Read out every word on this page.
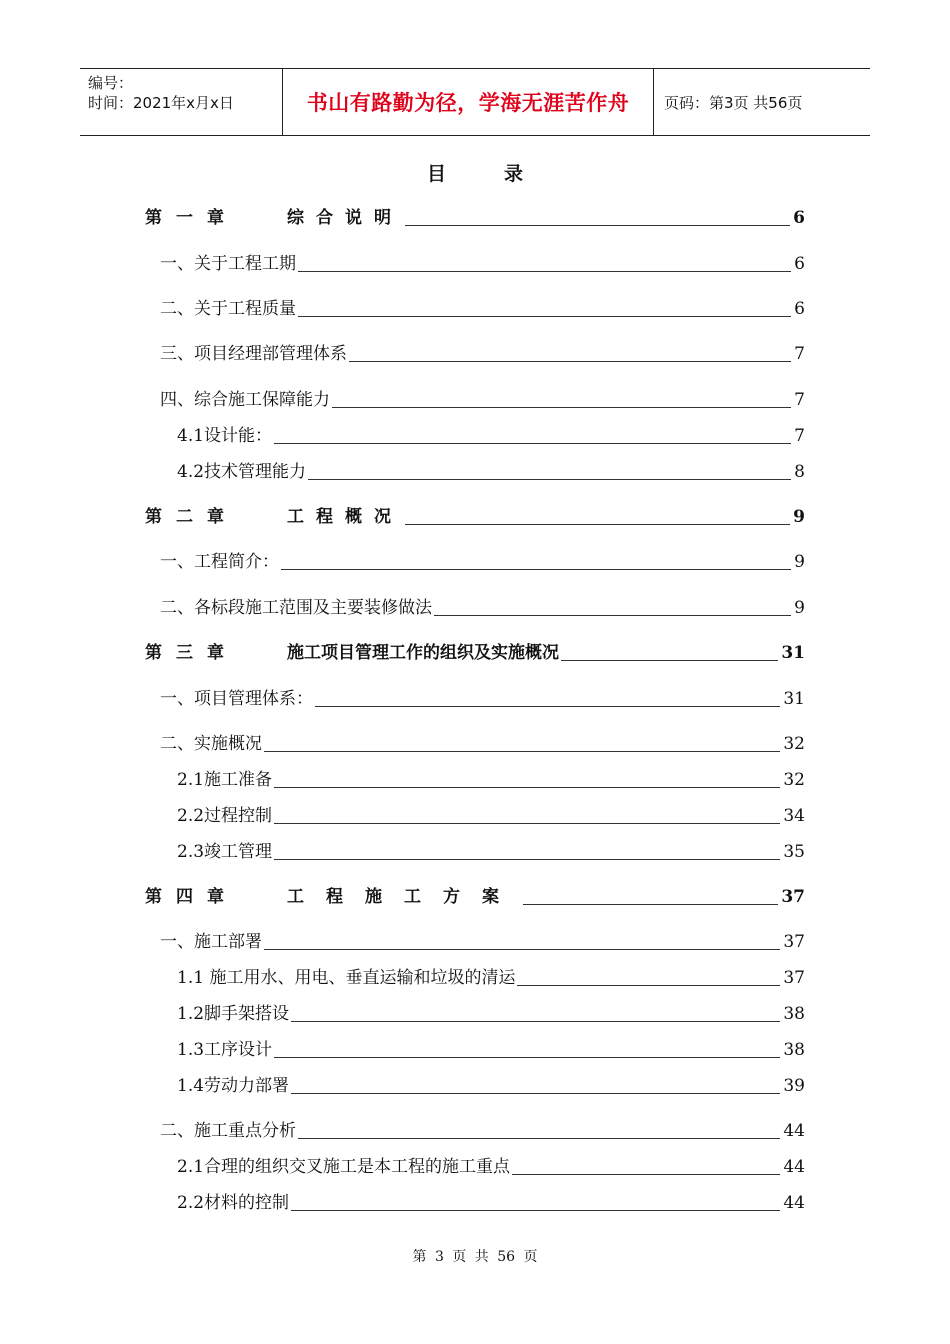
编号：
时间：2021年x月x日	书山有路勤为径，学海无涯苦作舟 页码：第3页 共56页
目录
第一章	综合说明	6
一、关于工程工期	6
二、关于工程质量	6
三、项目经理部管理体系	7
四、综合施工保障能力	7
4.1设计能：	7
4.2技术管理能力	8
第二章	工程概况	9
一、工程简介：	9
二、各标段施工范围及主要装修做法	9
第三章	施工项目管理工作的组织及实施概况	31
一、项目管理体系：	31
二、实施概况	32
2.1施工准备	32
2.2过程控制	34
2.3竣工管理	35
第四章	工程施工方案	37
一、施工部署	37
1.1 施工用水、用电、垂直运输和垃圾的清运	37
1.2脚手架搭设	38
1.3工序设计	38
1.4劳动力部署	39
二、施工重点分析	44
2.1合理的组织交叉施工是本工程的施工重点	44
2.2材料的控制	44
第 3 页 共 56 页
